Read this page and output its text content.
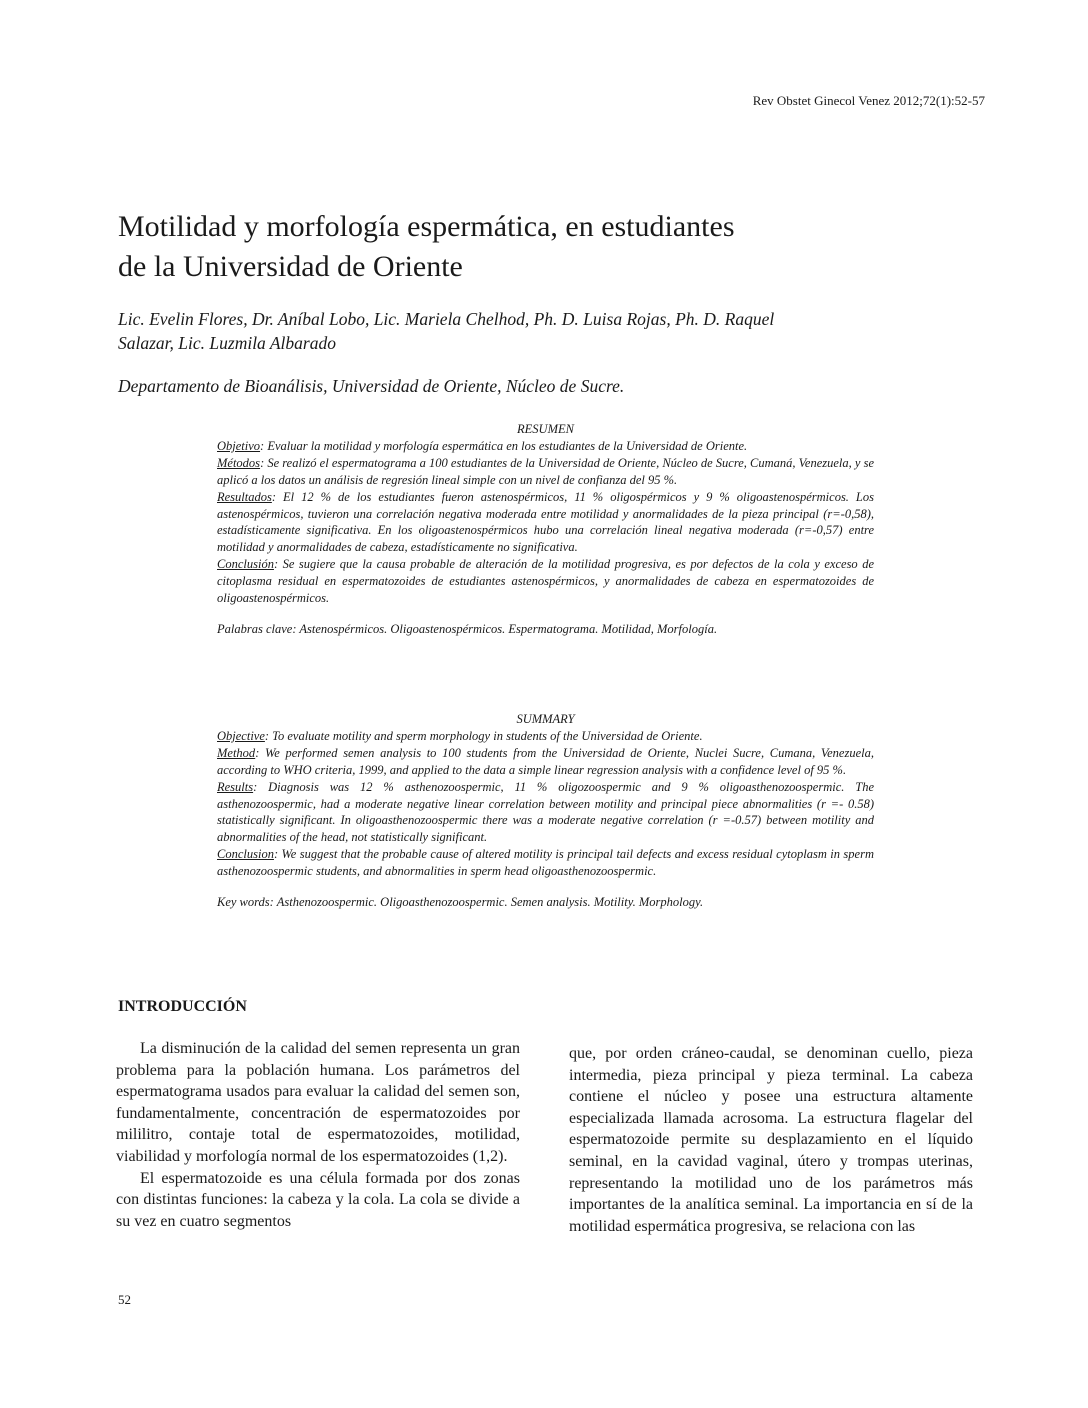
Rev Obstet Ginecol Venez 2012;72(1):52-57
Motilidad y morfología espermática, en estudiantes
de la Universidad de Oriente
Lic. Evelin Flores, Dr. Aníbal Lobo, Lic. Mariela Chelhod, Ph. D. Luisa Rojas, Ph. D. Raquel
Salazar, Lic. Luzmila Albarado
Departamento de Bioanálisis, Universidad de Oriente, Núcleo de Sucre.

RESUMEN

Objetivo: Evaluar la motilidad y morfología espermática en los estudiantes de la Universidad de Oriente.

Métodos: Se realizó el espermatograma a 100 estudiantes de la Universidad de Oriente, Núcleo de Sucre, Cumaná, Venezuela, y se aplicó a los datos un análisis de regresión lineal simple con un nivel de confianza del 95 %.

Resultados: El 12 % de los estudiantes fueron astenospérmicos, 11 % oligospérmicos y 9 % oligoastenospérmicos. Los astenospérmicos, tuvieron una correlación negativa moderada entre motilidad y anormalidades de la pieza principal (r=-0,58), estadísticamente significativa. En los oligoastenospérmicos hubo una correlación lineal negativa moderada (r=-0,57) entre motilidad y anormalidades de cabeza, estadísticamente no significativa.

Conclusión: Se sugiere que la causa probable de alteración de la motilidad progresiva, es por defectos de la cola y exceso de citoplasma residual en espermatozoides de estudiantes astenospérmicos, y anormalidades de cabeza en espermatozoides de oligoastenospérmicos.

Palabras clave: Astenospérmicos. Oligoastenospérmicos. Espermatograma. Motilidad, Morfología.

SUMMARY

Objective: To evaluate motility and sperm morphology in students of the Universidad de Oriente.

Method: We performed semen analysis to 100 students from the Universidad de Oriente, Nuclei Sucre, Cumana, Venezuela, according to WHO criteria, 1999, and applied to the data a simple linear regression analysis with a confidence level of 95 %.

Results: Diagnosis was 12 % asthenozoospermic, 11 % oligozoospermic and 9 % oligoasthenozoospermic. The asthenozoospermic, had a moderate negative linear correlation between motility and principal piece abnormalities (r =- 0.58) statistically significant. In oligoasthenozoospermic there was a moderate negative correlation (r =-0.57) between motility and abnormalities of the head, not statistically significant.

Conclusion: We suggest that the probable cause of altered motility is principal tail defects and excess residual cytoplasm in sperm asthenozoospermic students, and abnormalities in sperm head oligoasthenozoospermic.

Key words: Asthenozoospermic. Oligoasthenozoospermic. Semen analysis. Motility. Morphology.

INTRODUCCIÓN

La disminución de la calidad del semen representa un gran problema para la población humana. Los parámetros del espermatograma usados para evaluar la calidad del semen son, fundamentalmente, concentración de espermatozoides por mililitro, contaje total de espermatozoides, motilidad, viabilidad y morfología normal de los espermatozoides (1,2).

El espermatozoide es una célula formada por dos zonas con distintas funciones: la cabeza y la cola. La cola se divide a su vez en cuatro segmentos

que, por orden cráneo-caudal, se denominan cuello, pieza intermedia, pieza principal y pieza terminal. La cabeza contiene el núcleo y posee una estructura altamente especializada llamada acrosoma. La estructura flagelar del espermatozoide permite su desplazamiento en el líquido seminal, en la cavidad vaginal, útero y trompas uterinas, representando la motilidad uno de los parámetros más importantes de la analítica seminal. La importancia en sí de la motilidad espermática progresiva, se relaciona con las

52
